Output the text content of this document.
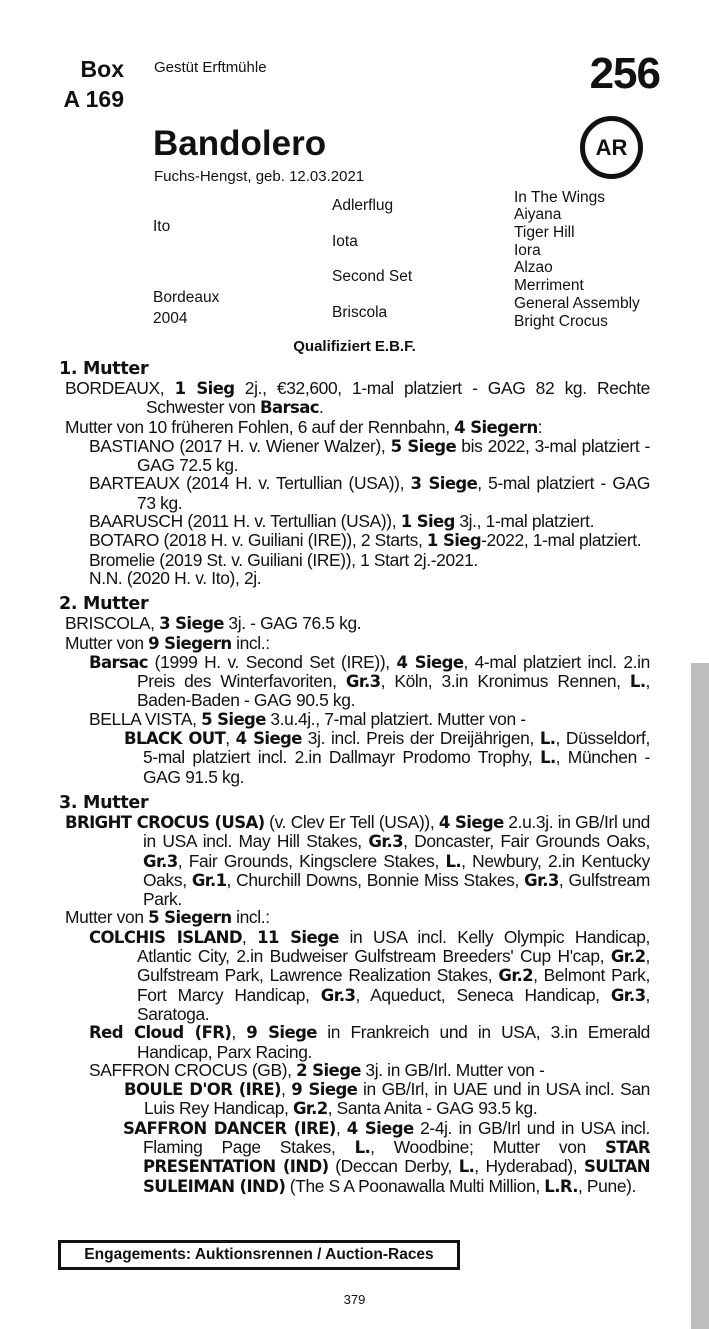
Box
A 169
Gestüt Erftmühle	256
Bandolero	AR
Fuchs-Hengst, geb. 12.03.2021
Ito
Bordeaux
2004
Adlerflug
Iota
Second Set
Briscola
In The Wings
Aiyana
Tiger Hill
Iora
Alzao
Merriment
General Assembly
Bright Crocus
Qualifiziert E.B.F.
1. Mutter
BORDEAUX, 1 Sieg 2j., €32,600, 1-mal platziert - GAG 82 kg. Rechte Schwester von Barsac.
Mutter von 10 früheren Fohlen, 6 auf der Rennbahn, 4 Siegern:
BASTIANO (2017 H. v. Wiener Walzer), 5 Siege bis 2022, 3-mal platziert - GAG 72.5 kg.
BARTEAUX (2014 H. v. Tertullian (USA)), 3 Siege, 5-mal platziert - GAG 73 kg.
BAARUSCH (2011 H. v. Tertullian (USA)), 1 Sieg 3j., 1-mal platziert.
BOTARO (2018 H. v. Guiliani (IRE)), 2 Starts, 1 Sieg-2022, 1-mal platziert.
Bromelie (2019 St. v. Guiliani (IRE)), 1 Start 2j.-2021.
N.N. (2020 H. v. Ito), 2j.
2. Mutter
BRISCOLA, 3 Siege 3j. - GAG 76.5 kg.
Mutter von 9 Siegern incl.:
Barsac (1999 H. v. Second Set (IRE)), 4 Siege, 4-mal platziert incl. 2.in Preis des Winterfavoriten, Gr.3, Köln, 3.in Kronimus Rennen, L., Baden-Baden - GAG 90.5 kg.
BELLA VISTA, 5 Siege 3.u.4j., 7-mal platziert. Mutter von -
BLACK OUT, 4 Siege 3j. incl. Preis der Dreijährigen, L., Düsseldorf, 5-mal platziert incl. 2.in Dallmayr Prodomo Trophy, L., München - GAG 91.5 kg.
3. Mutter
BRIGHT CROCUS (USA) (v. Clev Er Tell (USA)), 4 Siege 2.u.3j. in GB/Irl und in USA incl. May Hill Stakes, Gr.3, Doncaster, Fair Grounds Oaks, Gr.3, Fair Grounds, Kingsclere Stakes, L., Newbury, 2.in Kentucky Oaks, Gr.1, Churchill Downs, Bonnie Miss Stakes, Gr.3, Gulfstream Park.
Mutter von 5 Siegern incl.:
COLCHIS ISLAND, 11 Siege in USA incl. Kelly Olympic Handicap, Atlantic City, 2.in Budweiser Gulfstream Breeders' Cup H'cap, Gr.2, Gulfstream Park, Lawrence Realization Stakes, Gr.2, Belmont Park, Fort Marcy Handicap, Gr.3, Aqueduct, Seneca Handicap, Gr.3, Saratoga.
Red Cloud (FR), 9 Siege in Frankreich und in USA, 3.in Emerald Handicap, Parx Racing.
SAFFRON CROCUS (GB), 2 Siege 3j. in GB/Irl. Mutter von -
BOULE D'OR (IRE), 9 Siege in GB/Irl, in UAE und in USA incl. San Luis Rey Handicap, Gr.2, Santa Anita - GAG 93.5 kg.
SAFFRON DANCER (IRE), 4 Siege 2-4j. in GB/Irl und in USA incl. Flaming Page Stakes, L., Woodbine; Mutter von STAR PRESENTATION (IND) (Deccan Derby, L., Hyderabad), SULTAN SULEIMAN (IND) (The S A Poonawalla Multi Million, L.R., Pune).
Engagements: Auktionsrennen / Auction-Races
379
